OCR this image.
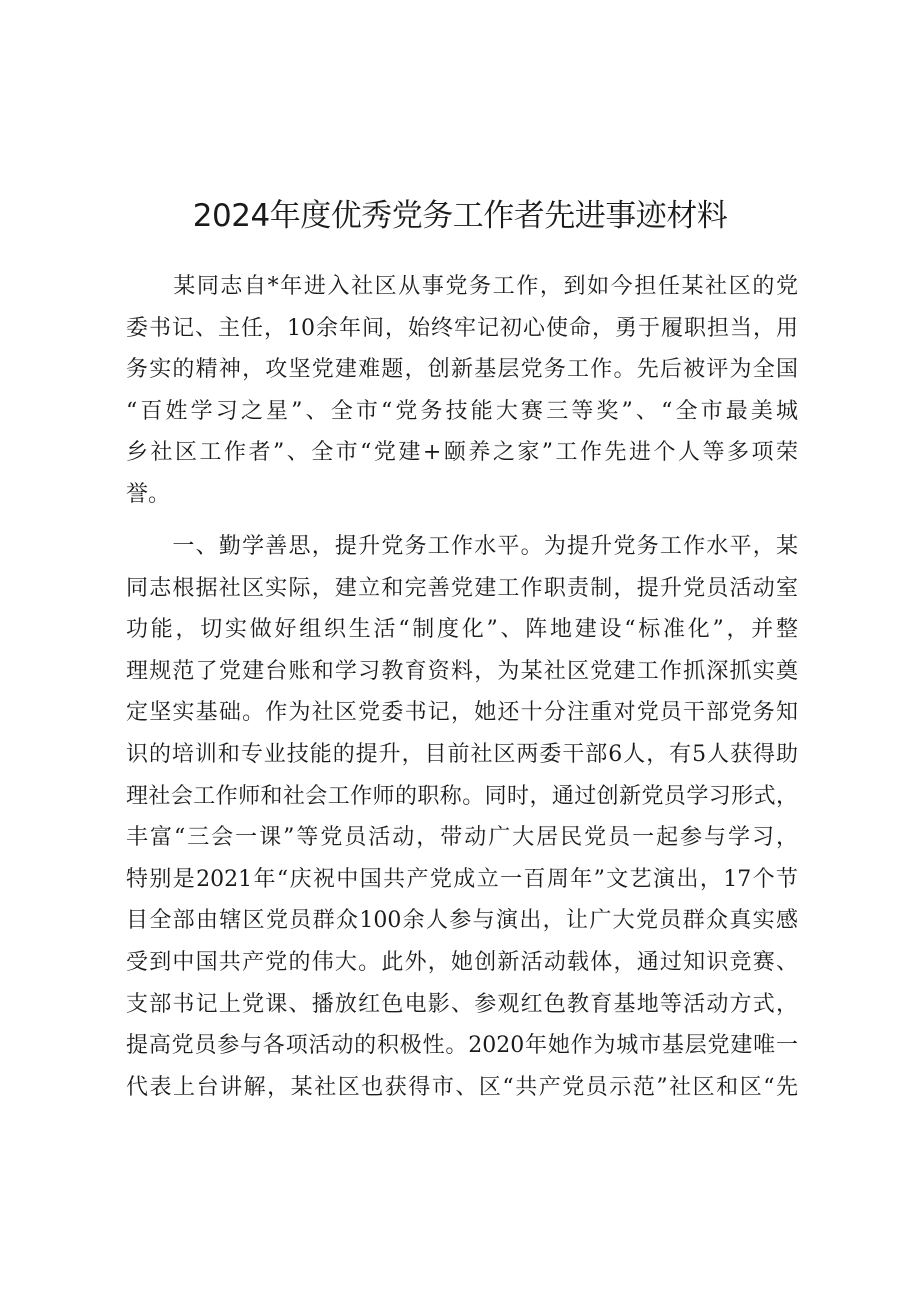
2024年度优秀党务工作者先进事迹材料
　　某同志自*年进入社区从事党务工作，到如今担任某社区的党
委书记、主任，10余年间，始终牢记初心使命，勇于履职担当，用
务实的精神，攻坚党建难题，创新基层党务工作。先后被评为全国
“百姓学习之星”、全市“党务技能大赛三等奖”、“全市最美城
乡社区工作者”、全市“党建+颐养之家”工作先进个人等多项荣
誉。
　　一、勤学善思，提升党务工作水平。为提升党务工作水平，某
同志根据社区实际，建立和完善党建工作职责制，提升党员活动室
功能，切实做好组织生活“制度化”、阵地建设“标准化”，并整
理规范了党建台账和学习教育资料，为某社区党建工作抓深抓实奠
定坚实基础。作为社区党委书记，她还十分注重对党员干部党务知
识的培训和专业技能的提升，目前社区两委干部6人，有5人获得助
理社会工作师和社会工作师的职称。同时，通过创新党员学习形式，
丰富“三会一课”等党员活动，带动广大居民党员一起参与学习，
特别是2021年“庆祝中国共产党成立一百周年”文艺演出，17个节
目全部由辖区党员群众100余人参与演出，让广大党员群众真实感
受到中国共产党的伟大。此外，她创新活动载体，通过知识竞赛、
支部书记上党课、播放红色电影、参观红色教育基地等活动方式，
提高党员参与各项活动的积极性。2020年她作为城市基层党建唯一
代表上台讲解，某社区也获得市、区“共产党员示范”社区和区“先
